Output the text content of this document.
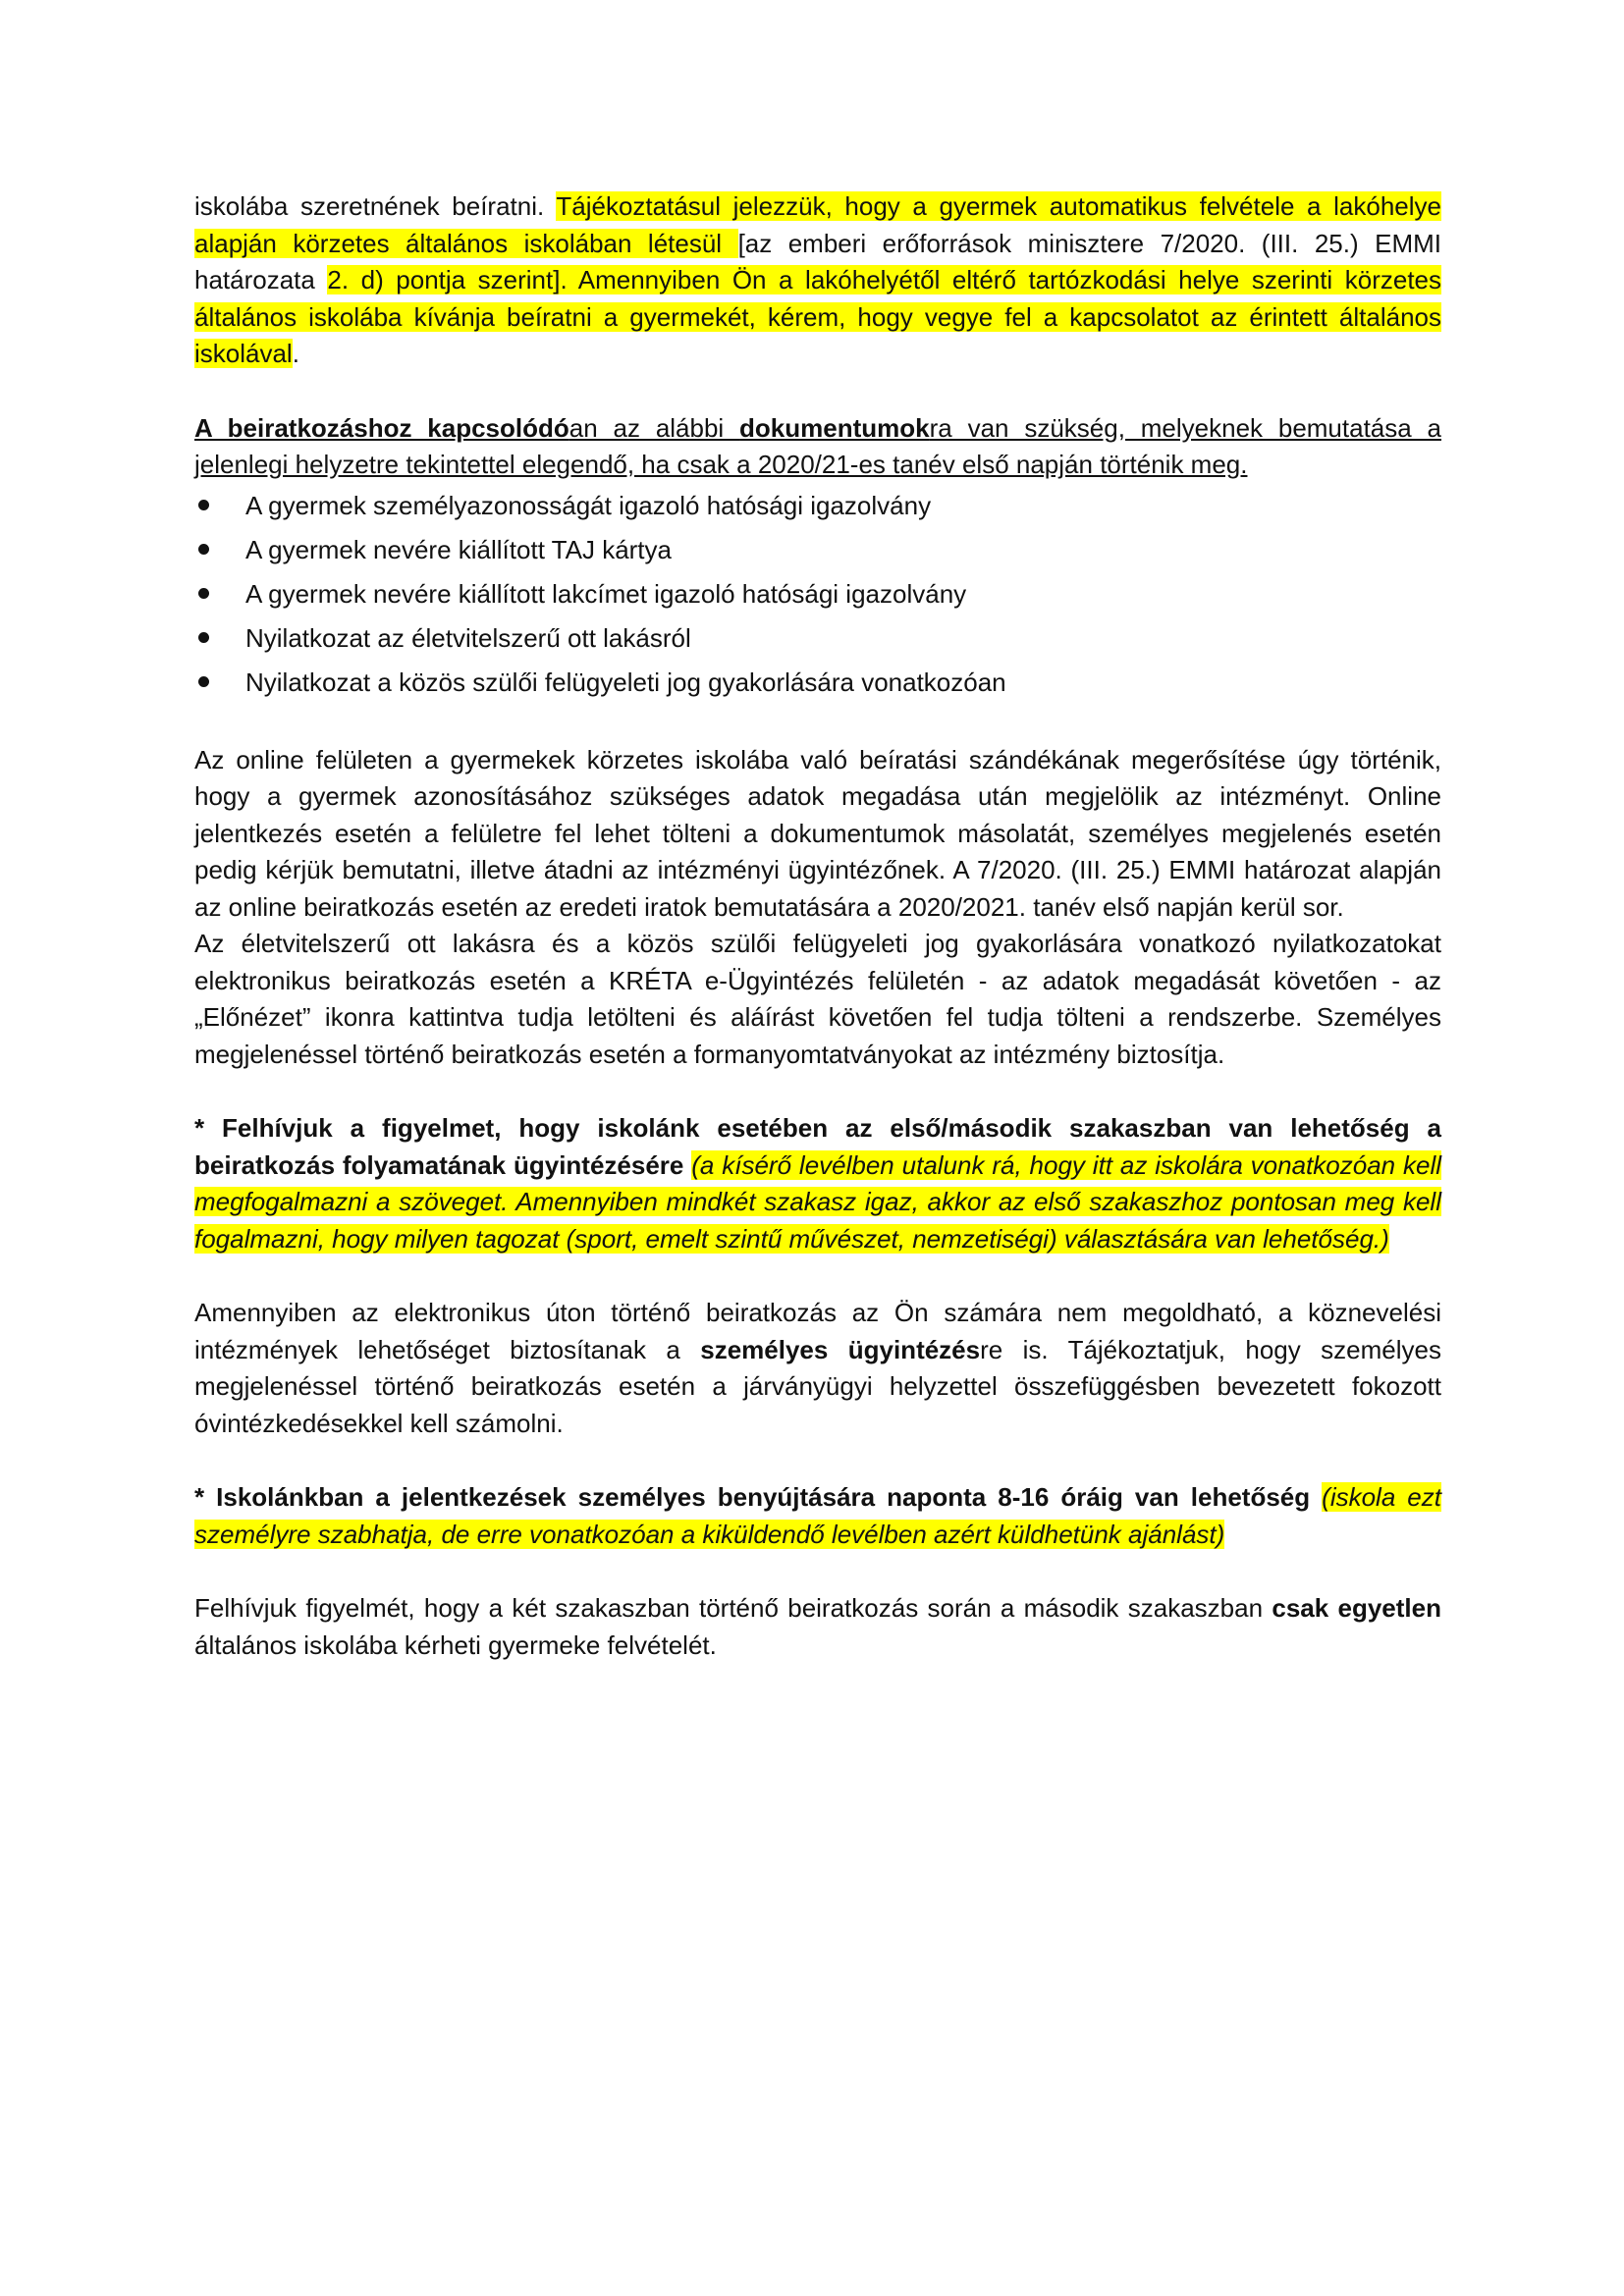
iskolába szeretnének beíratni. Tájékoztatásul jelezzük, hogy a gyermek automatikus felvétele a lakóhelye alapján körzetes általános iskolában létesül [az emberi erőforrások minisztere 7/2020. (III. 25.) EMMI határozata 2. d) pontja szerint]. Amennyiben Ön a lakóhelyétől eltérő tartózkodási helye szerinti körzetes általános iskolába kívánja beíratni a gyermekét, kérem, hogy vegye fel a kapcsolatot az érintett általános iskolával.

A beiratkozáshoz kapcsolódóan az alábbi dokumentumokra van szükség, melyeknek bemutatása a jelenlegi helyzetre tekintettel elegendő, ha csak a 2020/21-es tanév első napján történik meg.

A gyermek személyazonosságát igazoló hatósági igazolvány
A gyermek nevére kiállított TAJ kártya
A gyermek nevére kiállított lakcímet igazoló hatósági igazolvány
Nyilatkozat az életvitelszerű ott lakásról
Nyilatkozat a közös szülői felügyeleti jog gyakorlására vonatkozóan

Az online felületen a gyermekek körzetes iskolába való beíratási szándékának megerősítése úgy történik, hogy a gyermek azonosításához szükséges adatok megadása után megjelölik az intézményt. Online jelentkezés esetén a felületre fel lehet tölteni a dokumentumok másolatát, személyes megjelenés esetén pedig kérjük bemutatni, illetve átadni az intézményi ügyintézőnek. A 7/2020. (III. 25.) EMMI határozat alapján az online beiratkozás esetén az eredeti iratok bemutatására a 2020/2021. tanév első napján kerül sor.

Az életvitelszerű ott lakásra és a közös szülői felügyeleti jog gyakorlására vonatkozó nyilatkozatokat elektronikus beiratkozás esetén a KRÉTA e-Ügyintézés felületén - az adatok megadását követően - az „Előnézet” ikonra kattintva tudja letölteni és aláírást követően fel tudja tölteni a rendszerbe. Személyes megjelenéssel történő beiratkozás esetén a formanyomtatványokat az intézmény biztosítja.

* Felhívjuk a figyelmet, hogy iskolánk esetében az első/második szakaszban van lehetőség a beiratkozás folyamatának ügyintézésére (a kísérő levélben utalunk rá, hogy itt az iskolára vonatkozóan kell megfogalmazni a szöveget. Amennyiben mindkét szakasz igaz, akkor az első szakaszhoz pontosan meg kell fogalmazni, hogy milyen tagozat (sport, emelt szintű művészet, nemzetiségi) választására van lehetőség.)

Amennyiben az elektronikus úton történő beiratkozás az Ön számára nem megoldható, a köznevelési intézmények lehetőséget biztosítanak a személyes ügyintézésre is. Tájékoztatjuk, hogy személyes megjelenéssel történő beiratkozás esetén a járványügyi helyzettel összefüggésben bevezetett fokozott óvintézkedésekkel kell számolni.

* Iskolánkban a jelentkezések személyes benyújtására naponta 8-16 óráig van lehetőség (iskola ezt személyre szabhatja, de erre vonatkozóan a kiküldendő levélben azért küldhetünk ajánlást)

Felhívjuk figyelmét, hogy a két szakaszban történő beiratkozás során a második szakaszban csak egyetlen általános iskolába kérheti gyermeke felvételét.
